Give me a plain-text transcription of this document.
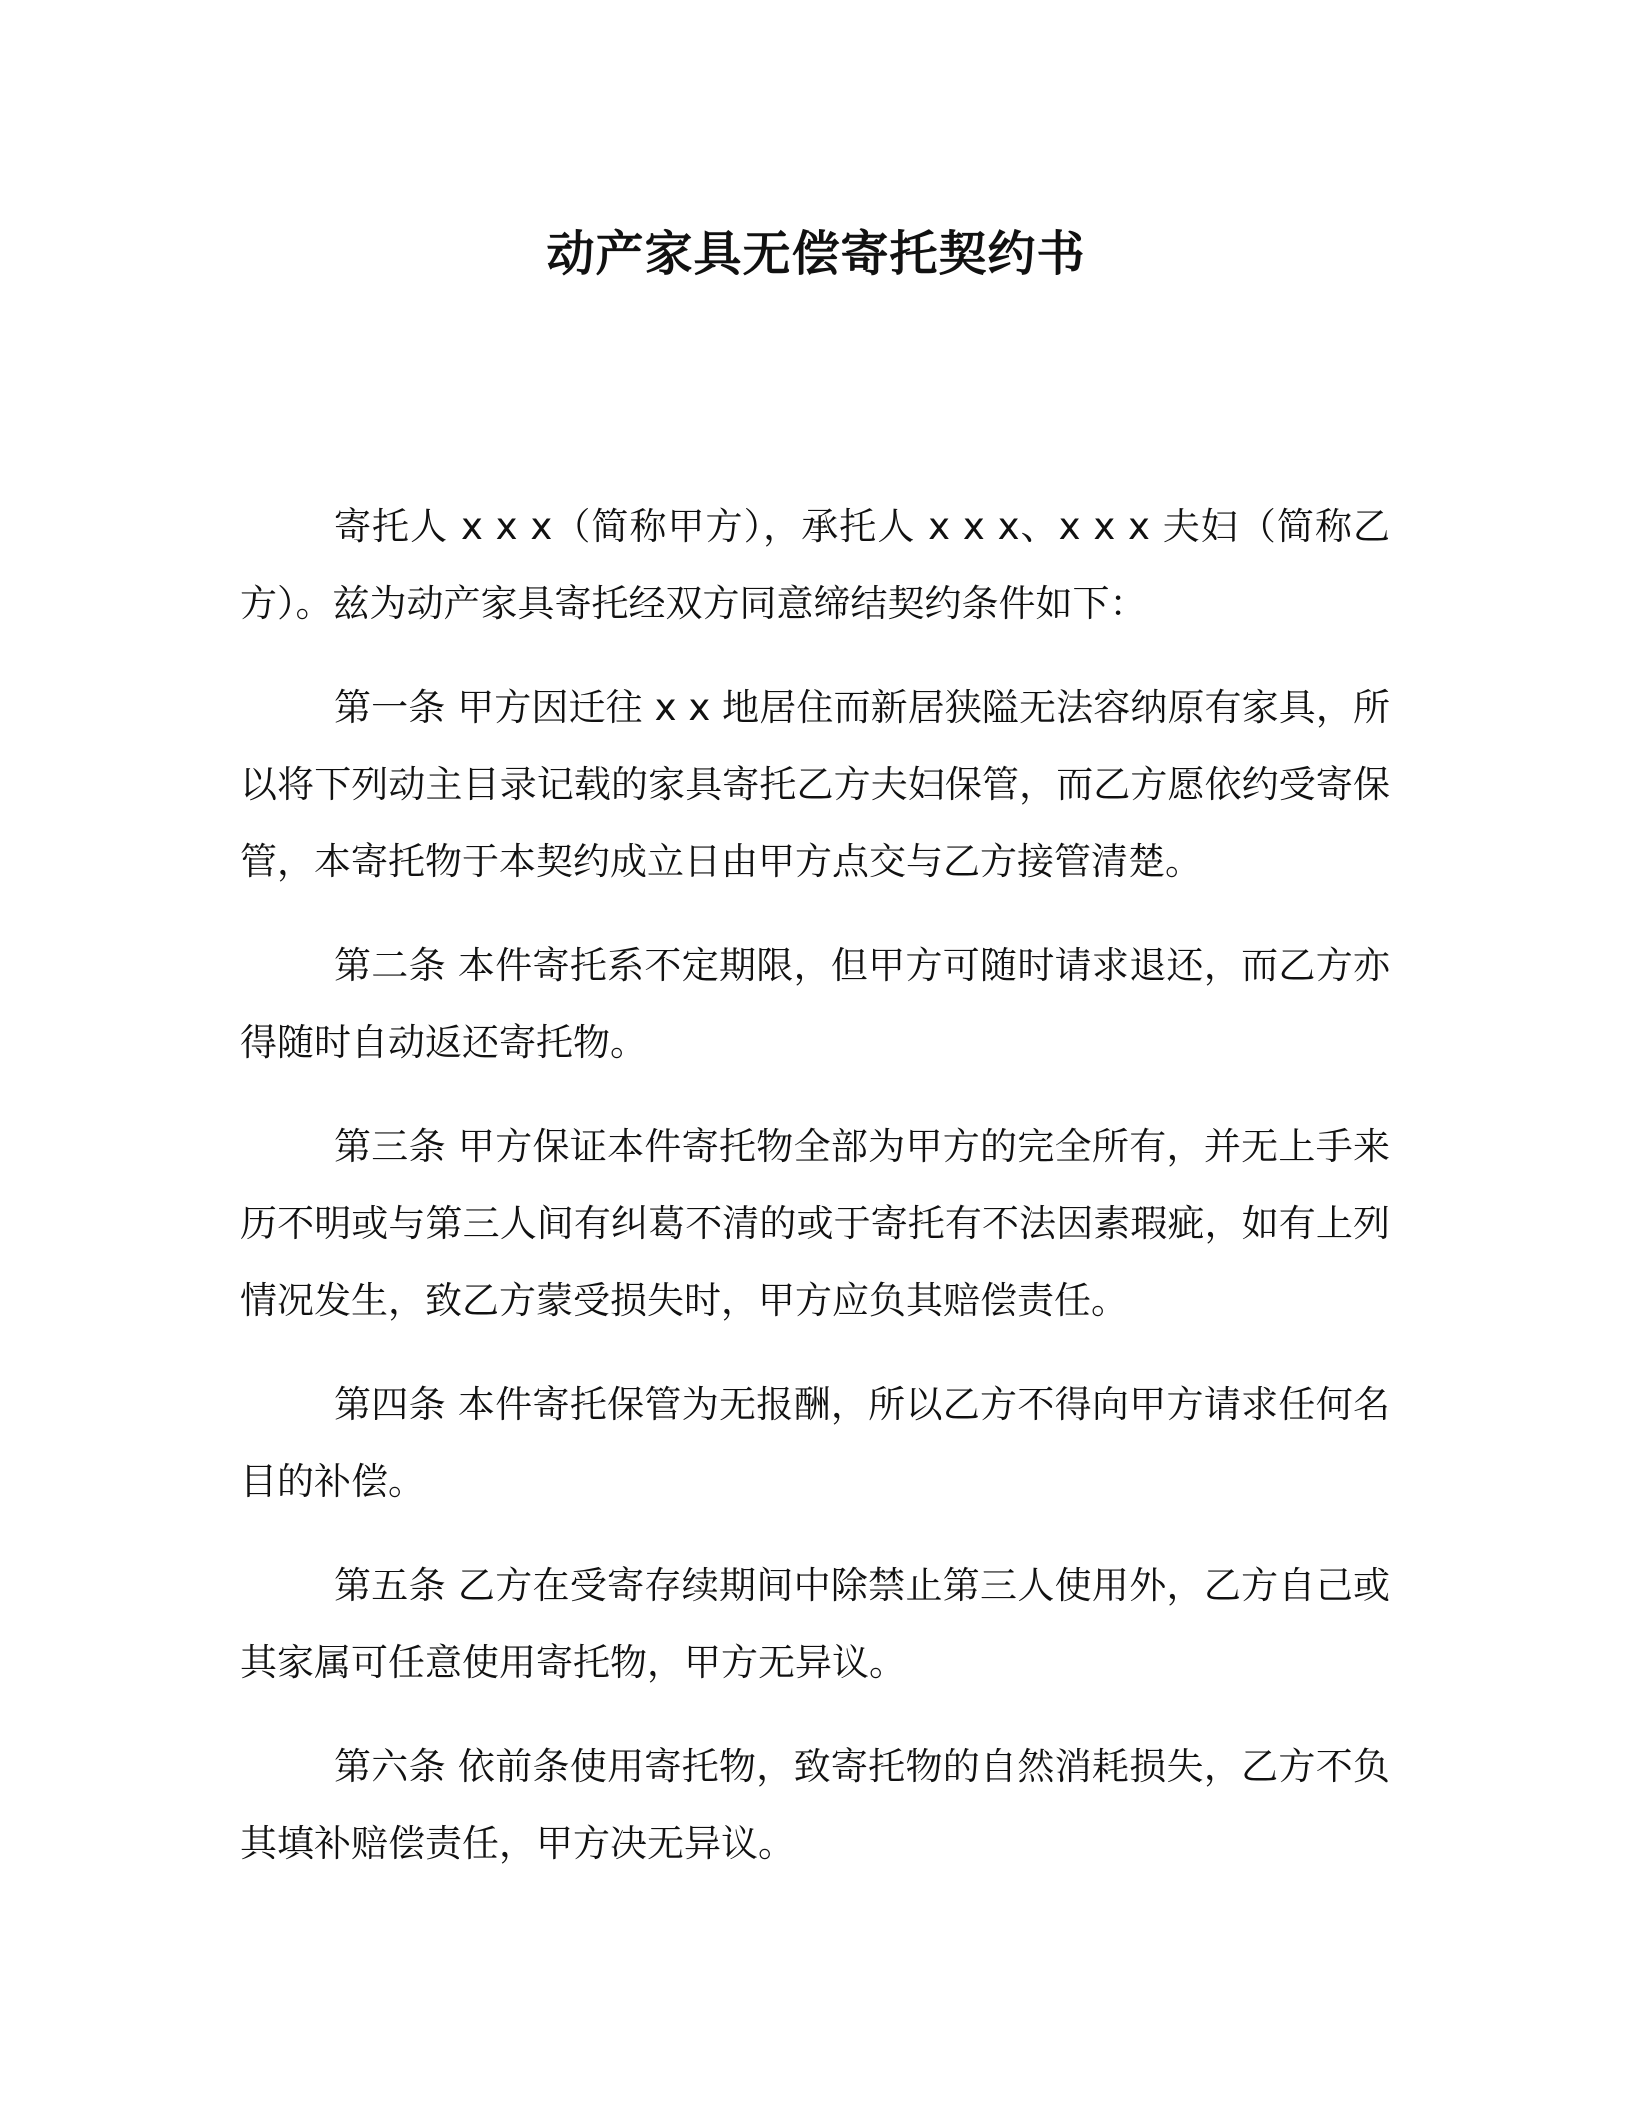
动产家具无偿寄托契约书

寄托人 x x x（简称甲方），承托人 x x x、x x x 夫妇（简称乙方）。兹为动产家具寄托经双方同意缔结契约条件如下：

第一条 甲方因迁往 x x 地居住而新居狭隘无法容纳原有家具，所以将下列动主目录记载的家具寄托乙方夫妇保管，而乙方愿依约受寄保管，本寄托物于本契约成立日由甲方点交与乙方接管清楚。

第二条 本件寄托系不定期限，但甲方可随时请求退还，而乙方亦得随时自动返还寄托物。

第三条 甲方保证本件寄托物全部为甲方的完全所有，并无上手来历不明或与第三人间有纠葛不清的或于寄托有不法因素瑕疵，如有上列情况发生，致乙方蒙受损失时，甲方应负其赔偿责任。

第四条 本件寄托保管为无报酬，所以乙方不得向甲方请求任何名目的补偿。

第五条 乙方在受寄存续期间中除禁止第三人使用外，乙方自己或其家属可任意使用寄托物，甲方无异议。

第六条 依前条使用寄托物，致寄托物的自然消耗损失，乙方不负其填补赔偿责任，甲方决无异议。
